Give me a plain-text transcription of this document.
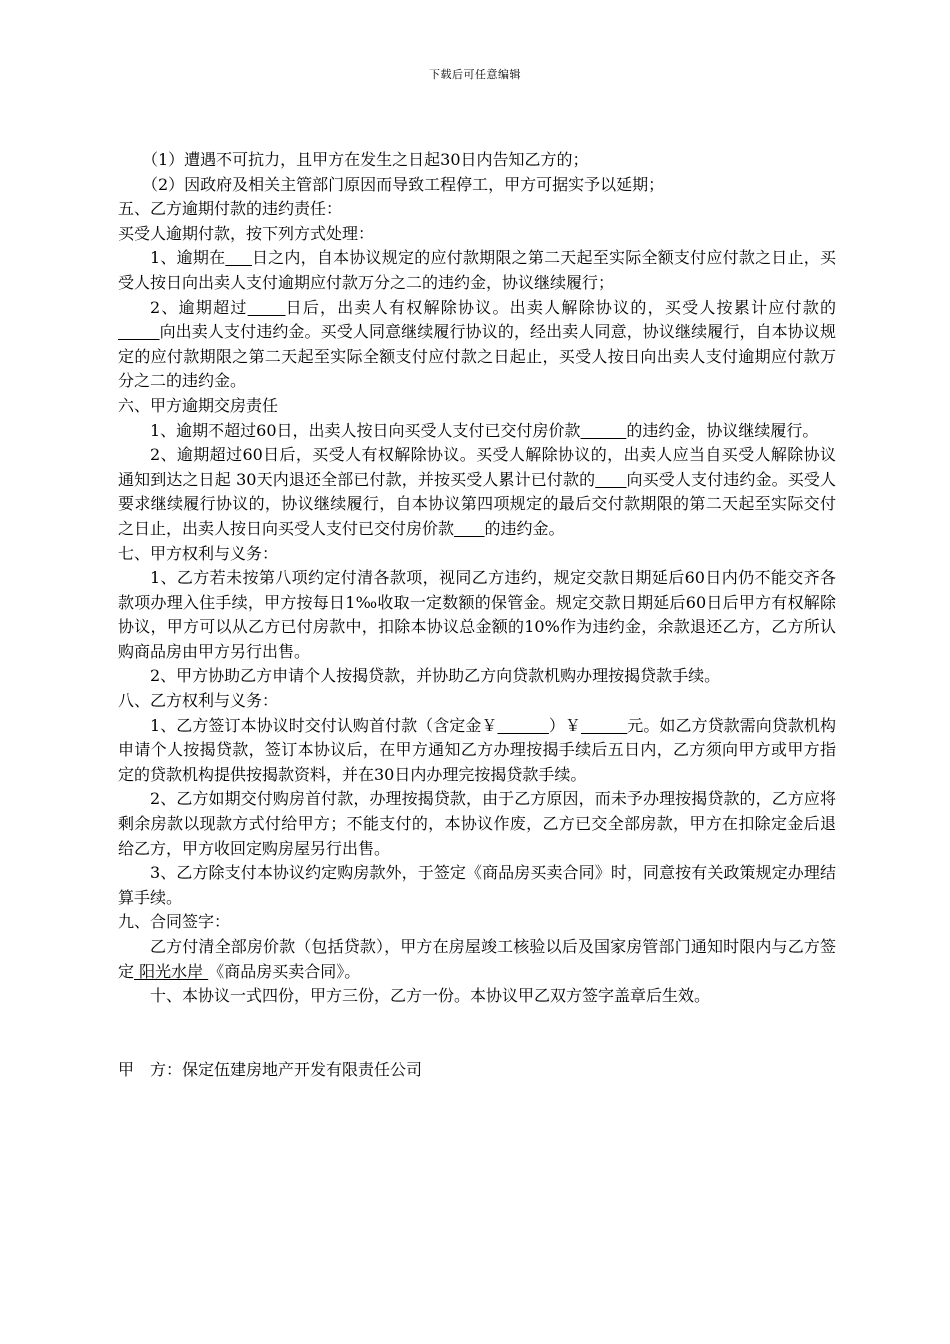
下载后可任意编辑

（1）遭遇不可抗力，且甲方在发生之日起30日内告知乙方的；

（2）因政府及相关主管部门原因而导致工程停工，甲方可据实予以延期；

五、乙方逾期付款的违约责任：

买受人逾期付款，按下列方式处理：

1、逾期在 日之内，自本协议规定的应付款期限之第二天起至实际全额支付应付款之日止，买受人按日向出卖人支付逾期应付款万分之二的违约金，协议继续履行；

2、逾期超过 日后，出卖人有权解除协议。出卖人解除协议的，买受人按累计应付款的        向出卖人支付违约金。买受人同意继续履行协议的，经出卖人同意，协议继续履行，自本协议规定的应付款期限之第二天起至实际全额支付应付款之日起止，买受人按日向出卖人支付逾期应付款万分之二的违约金。

六、甲方逾期交房责任

1、逾期不超过60日，出卖人按日向买受人支付已交付房价款	的违约金，协议继续履行。

2、逾期超过60日后，买受人有权解除协议。买受人解除协议的，出卖人应当自买受人解除协议通知到达之日起 30天内退还全部已付款，并按买受人累计已付款的 向买受人支付违约金。买受人要求继续履行协议的，协议继续履行，自本协议第四项规定的最后交付款期限的第二天起至实际交付之日止，出卖人按日向买受人支付已交付房价款 的违约金。

七、甲方权利与义务：

1、乙方若未按第八项约定付清各款项，视同乙方违约，规定交款日期延后60日内仍不能交齐各款项办理入住手续，甲方按每日1‰收取一定数额的保管金。规定交款日期延后60日后甲方有权解除协议，甲方可以从乙方已付房款中，扣除本协议总金额的10%作为违约金，余款退还乙方，乙方所认购商品房由甲方另行出售。

2、甲方协助乙方申请个人按揭贷款，并协助乙方向贷款机购办理按揭贷款手续。

八、乙方权利与义务：

1、乙方签订本协议时交付认购首付款（含定金￥	）￥	元。如乙方贷款需向贷款机构申请个人按揭贷款，签订本协议后，在甲方通知乙方办理按揭手续后五日内，乙方须向甲方或甲方指定的贷款机构提供按揭款资料，并在30日内办理完按揭贷款手续。

2、乙方如期交付购房首付款，办理按揭贷款，由于乙方原因，而未予办理按揭贷款的，乙方应将剩余房款以现款方式付给甲方；不能支付的，本协议作废，乙方已交全部房款，甲方在扣除定金后退给乙方，甲方收回定购房屋另行出售。

3、乙方除支付本协议约定购房款外，于签定《商品房买卖合同》时，同意按有关政策规定办理结算手续。

九、合同签字：

乙方付清全部房价款（包括贷款），甲方在房屋竣工核验以后及国家房管部门通知时限内与乙方签定 阳光水岸 《商品房买卖合同》。

十、本协议一式四份，甲方三份，乙方一份。本协议甲乙双方签字盖章后生效。

甲　方：保定伍建房地产开发有限责任公司
